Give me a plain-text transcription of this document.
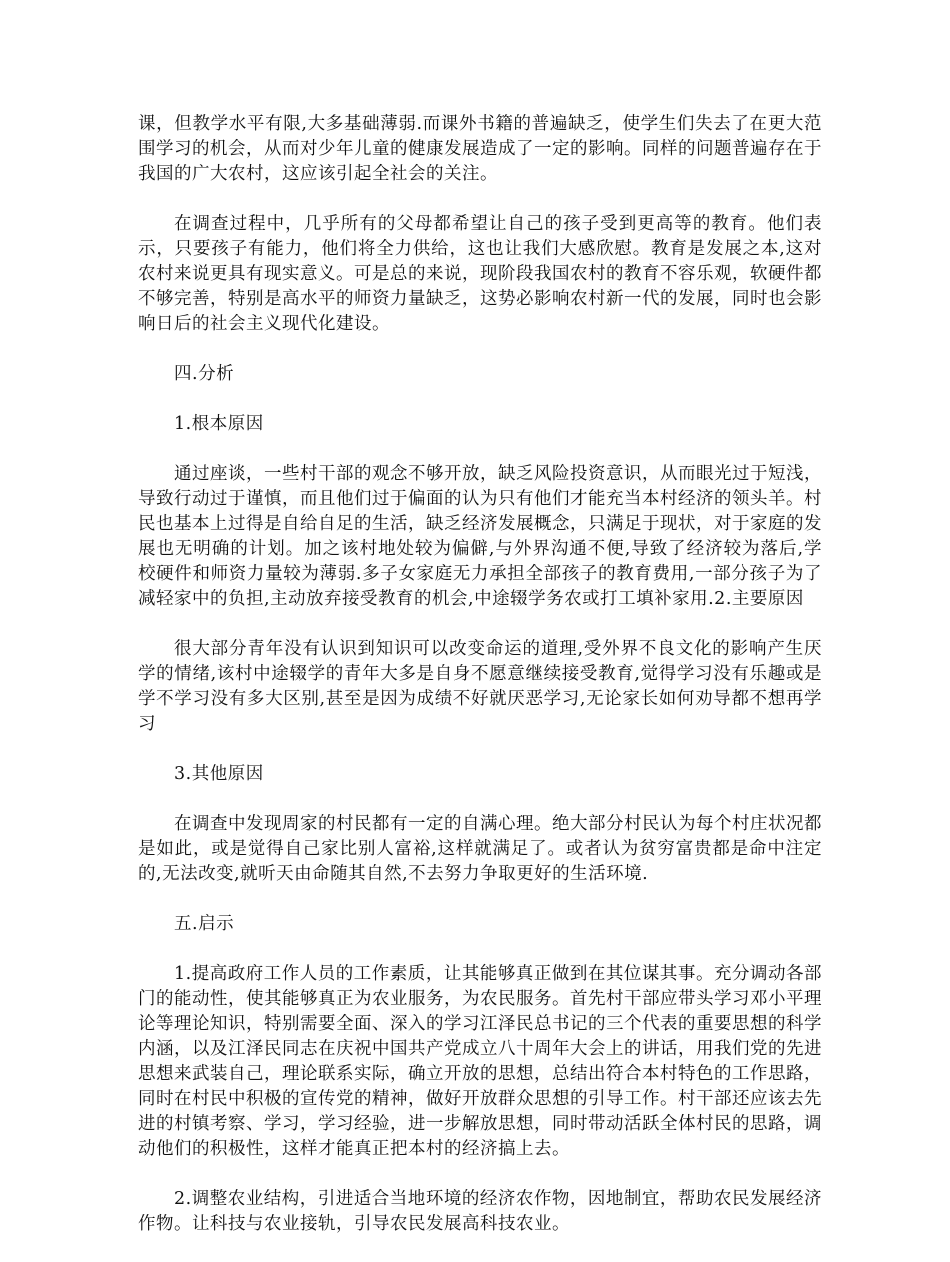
课，但教学水平有限,大多基础薄弱.而课外书籍的普遍缺乏，使学生们失去了在更大范围学习的机会，从而对少年儿童的健康发展造成了一定的影响。同样的问题普遍存在于我国的广大农村，这应该引起全社会的关注。

在调查过程中，几乎所有的父母都希望让自己的孩子受到更高等的教育。他们表示，只要孩子有能力，他们将全力供给，这也让我们大感欣慰。教育是发展之本,这对农村来说更具有现实意义。可是总的来说，现阶段我国农村的教育不容乐观，软硬件都不够完善，特别是高水平的师资力量缺乏，这势必影响农村新一代的发展，同时也会影响日后的社会主义现代化建设。

四.分析

1.根本原因

通过座谈，一些村干部的观念不够开放，缺乏风险投资意识，从而眼光过于短浅，导致行动过于谨慎，而且他们过于偏面的认为只有他们才能充当本村经济的领头羊。村民也基本上过得是自给自足的生活，缺乏经济发展概念，只满足于现状，对于家庭的发展也无明确的计划。加之该村地处较为偏僻,与外界沟通不便,导致了经济较为落后,学校硬件和师资力量较为薄弱.多子女家庭无力承担全部孩子的教育费用,一部分孩子为了减轻家中的负担,主动放弃接受教育的机会,中途辍学务农或打工填补家用.2.主要原因

很大部分青年没有认识到知识可以改变命运的道理,受外界不良文化的影响产生厌学的情绪,该村中途辍学的青年大多是自身不愿意继续接受教育,觉得学习没有乐趣或是学不学习没有多大区别,甚至是因为成绩不好就厌恶学习,无论家长如何劝导都不想再学习

3.其他原因

在调查中发现周家的村民都有一定的自满心理。绝大部分村民认为每个村庄状况都是如此，或是觉得自己家比别人富裕,这样就满足了。或者认为贫穷富贵都是命中注定的,无法改变,就听天由命随其自然,不去努力争取更好的生活环境.

五.启示

1.提高政府工作人员的工作素质，让其能够真正做到在其位谋其事。充分调动各部门的能动性，使其能够真正为农业服务，为农民服务。首先村干部应带头学习邓小平理论等理论知识，特别需要全面、深入的学习江泽民总书记的三个代表的重要思想的科学内涵，以及江泽民同志在庆祝中国共产党成立八十周年大会上的讲话，用我们党的先进思想来武装自己，理论联系实际，确立开放的思想，总结出符合本村特色的工作思路，同时在村民中积极的宣传党的精神，做好开放群众思想的引导工作。村干部还应该去先进的村镇考察、学习，学习经验，进一步解放思想，同时带动活跃全体村民的思路，调动他们的积极性，这样才能真正把本村的经济搞上去。

2.调整农业结构，引进适合当地环境的经济农作物，因地制宜，帮助农民发展经济作物。让科技与农业接轨，引导农民发展高科技农业。
